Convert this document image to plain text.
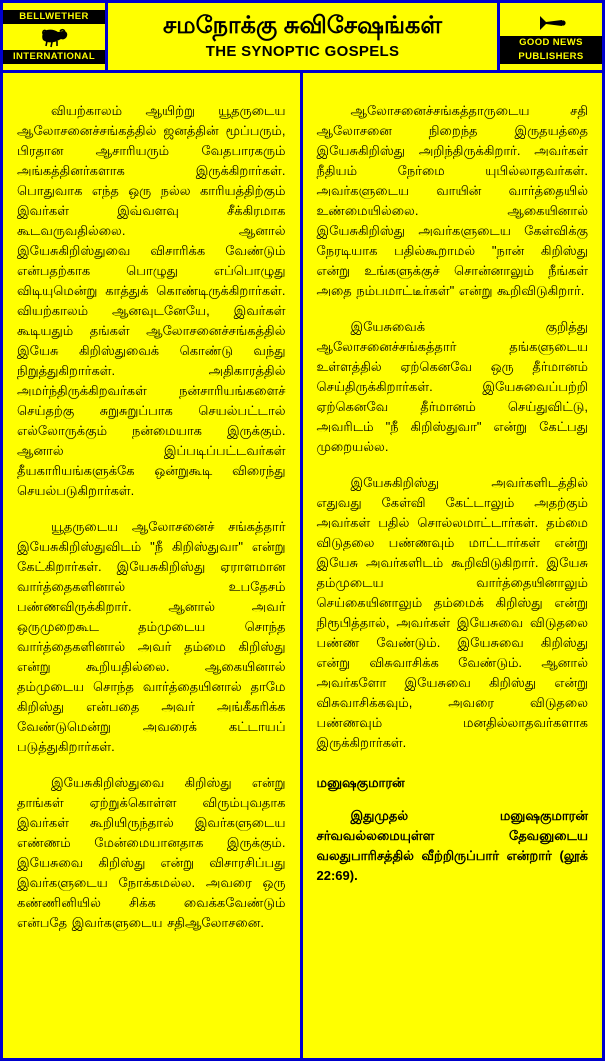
BELLWETHER
INTERNATIONAL
சமநோக்கு சுவிசேஷங்கள்
THE SYNOPTIC GOSPELS
GOOD NEWS
PUBLISHERS

வியற்காலம் ஆயிற்று யூதருடைய ஆலோசனைச்சங்கத்தில் ஜனத்தின் மூப்பரும், பிரதான ஆசாரியரும் வேதபாரகரும் அங்கத்தினர்களாக இருக்கிறார்கள். பொதுவாக எந்த ஒரு நல்ல காரியத்திற்கும் இவர்கள் இவ்வளவு சீக்கிரமாக கூடவருவதில்லை. ஆனால் இயேசுகிறிஸ்துவை விசாரிக்க வேண்டும் என்பதற்காக பொழுது எப்பொழுது விடியுமென்று காத்துக் கொண்டிருக்கிறார்கள். வியற்காலம் ஆனவுடனேயே, இவர்கள் கூடியதும் தங்கள் ஆலோசனைச்சங்கத்தில் இயேசு கிறிஸ்துவைக் கொண்டு வந்து நிறுத்துகிறார்கள். அதிகாரத்தில் அமர்ந்திருக்கிறவர்கள் நன்சாரியங்களைச் செய்தற்கு சுறுசுறுப்பாக செயல்பட்டால் எல்லோருக்கும் நன்மையாக இருக்கும். ஆனால் இப்படிப்பட்டவர்கள் தீயகாரியங்களுக்கே ஒன்றுகூடி விரைந்து செயல்படுகிறார்கள்.

யூதருடைய ஆலோசனைச் சங்கத்தார் இயேசுகிறிஸ்துவிடம் "நீ கிறிஸ்துவா" என்று கேட்கிறார்கள். இயேசுகிறிஸ்து ஏராளமான வார்த்தைகளினால் உபதேசம் பண்ணவிருக்கிறார். ஆனால் அவர் ஒருமுறைகூட தம்முடைய சொந்த வார்த்தைகளினால் அவர் தம்மை கிறிஸ்து என்று கூறியதில்லை. ஆகையினால் தம்முடைய சொந்த வார்த்தையினால் தாமே கிறிஸ்து என்பதை அவர் அங்கீகரிக்க வேண்டுமென்று அவரைக் கட்டாயப் படுத்துகிறார்கள்.

இயேசுகிறிஸ்துவை கிறிஸ்து என்று தாங்கள் ஏற்றுக்கொள்ள விரும்புவதாக இவர்கள் கூறியிருந்தால் இவர்களுடைய எண்ணம் மேன்மையானதாக இருக்கும். இயேசுவை கிறிஸ்து என்று விசாரசிப்பது இவர்களுடைய நோக்கமல்ல. அவரை ஒரு கண்ணினியில் சிக்க வைக்கவேண்டும் என்பதே இவர்களுடைய சதிஆலோசனை.

ஆலோசனைச்சங்கத்தாருடைய சதி ஆலோசனை நிறைந்த இருதயத்தை இயேசுகிறிஸ்து அறிந்திருக்கிறார். அவர்கள் நீதியம் நேர்மை யுபில்லாதவர்கள். அவர்களுடைய வாயின் வார்த்தையில் உண்மையில்லை. ஆகையினால் இயேசுகிறிஸ்து அவர்களுடைய கேள்விக்கு நேரடியாக பதில்கூறாமல் "நான் கிறிஸ்து என்று உங்களுக்குச் சொன்னாலும் நீங்கள் அதை நம்பமாட்டீர்கள்" என்று கூறிவிடுகிறார்.

இயேசுவைக் குறித்து ஆலோசனைச்சங்கத்தார் தங்களுடைய உள்ளத்தில் ஏற்கெனவே ஒரு தீர்மானம் செய்திருக்கிறார்கள். இயேசுவைப்பற்றி ஏற்கெனவே தீர்மானம் செய்துவிட்டு, அவரிடம் "நீ கிறிஸ்துவா" என்று கேட்பது முறையல்ல.

இயேசுகிறிஸ்து அவர்களிடத்தில் எதுவது கேள்வி கேட்டாலும் அதற்கும் அவர்கள் பதில் சொல்லமாட்டார்கள். தம்மை விடுதலை பண்ணவும் மாட்டார்கள் என்று இயேசு அவர்களிடம் கூறிவிடுகிறார். இயேசு தம்முடைய வார்த்தையினாலும் செய்கையினாலும் தம்மைக் கிறிஸ்து என்று நிரூபித்தால், அவர்கள் இயேசுவை விடுதலை பண்ண வேண்டும். இயேசுவை கிறிஸ்து என்று விசுவாசிக்க வேண்டும். ஆனால் அவர்களோ இயேசுவை கிறிஸ்து என்று விசுவாசிக்கவும், அவரை விடுதலை பண்ணவும் மனதில்லாதவர்களாக இருக்கிறார்கள்.

மனுஷகுமாரன்

இதுமுதல் மனுஷகுமாரன் சர்வவல்லமையுள்ள தேவனுடைய வலதுபாரிசத்தில் வீற்றிருப்பார் என்றார் (லூக் 22:69).
